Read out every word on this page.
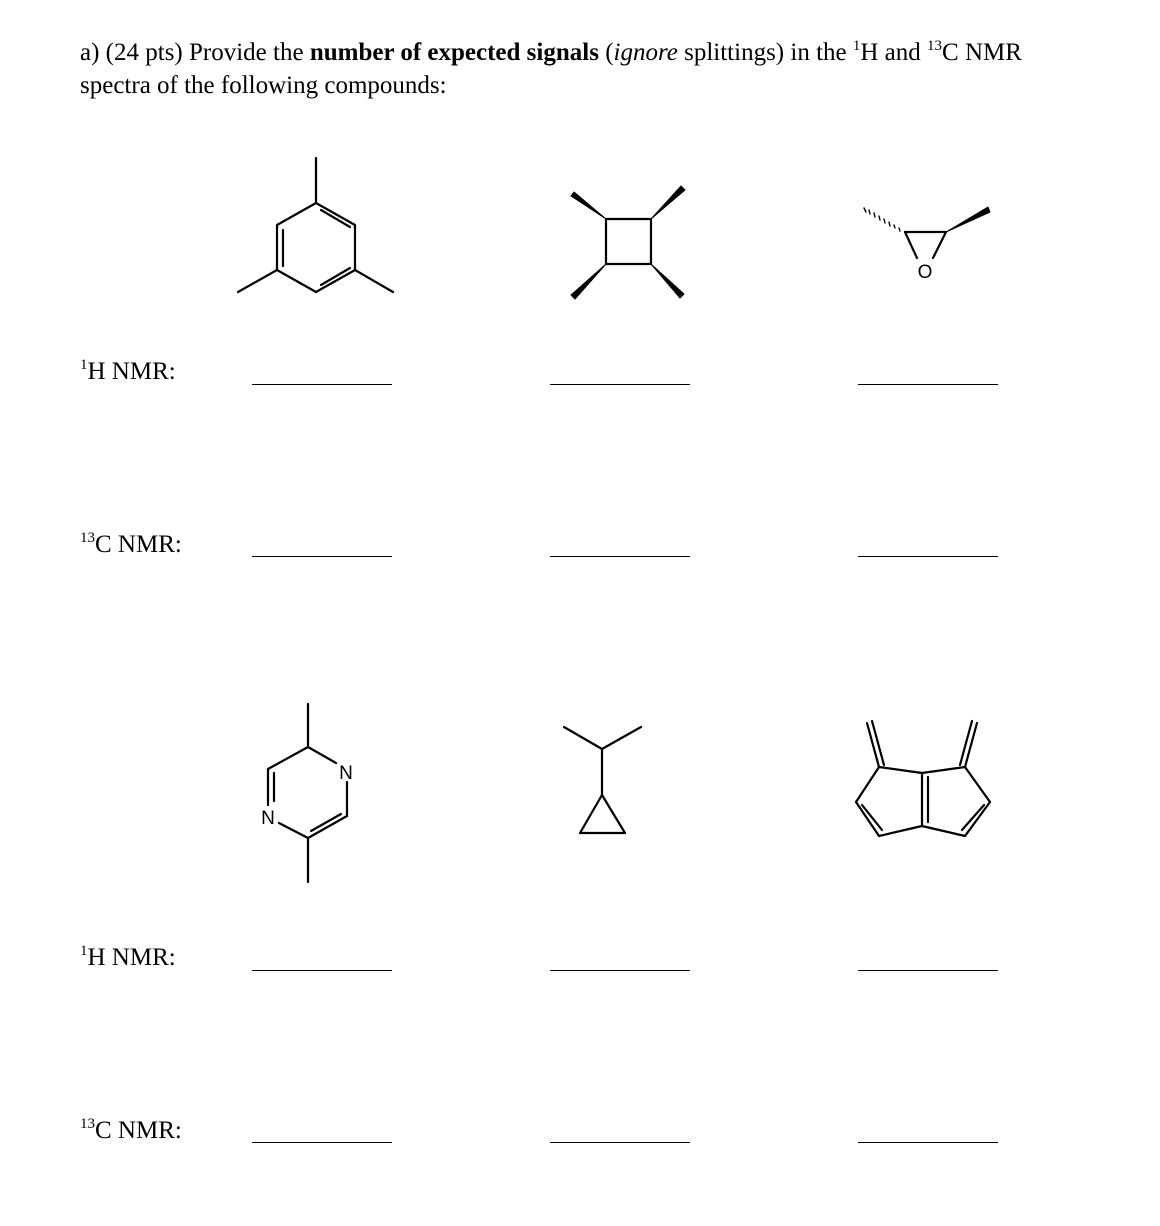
a) (24 pts) Provide the number of expected signals (ignore splittings) in the $^1$H and $^{13}$C NMR
spectra of the following compounds:
$^1$H NMR:
$^{13}$C NMR:
$^1$H NMR:
$^{13}$C NMR:
O
N
N
